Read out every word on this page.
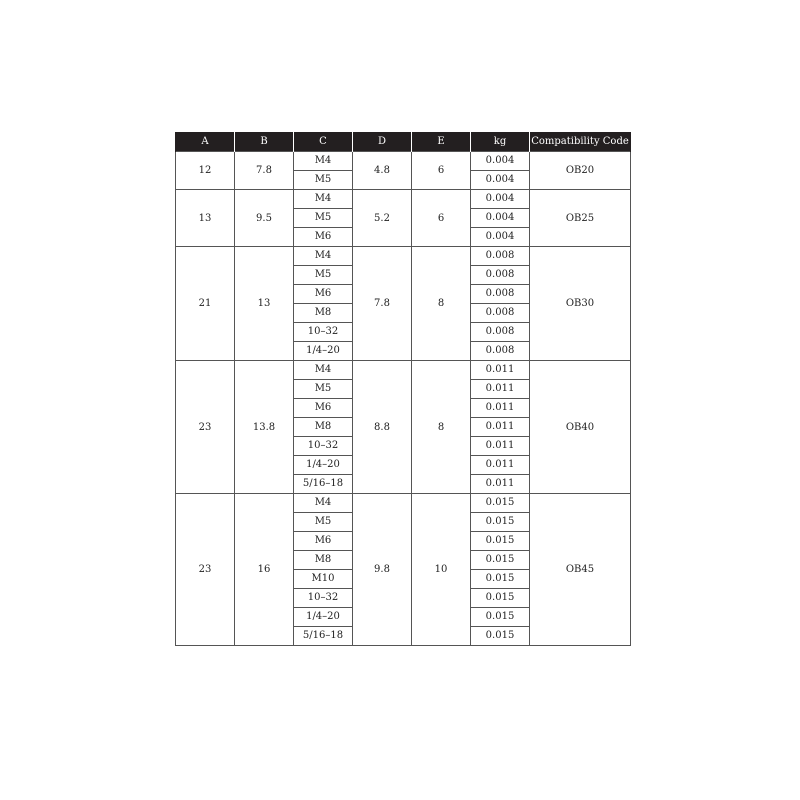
A	B	C	D	E	kg	Compatibility Code
12	7.8	M4	4.8	6	0.004	OB20
		M5			0.004	
13	9.5	M4	5.2	6	0.004	OB25
		M5			0.004	
		M6			0.004	
21	13	M4	7.8	8	0.008	OB30
		M5			0.008	
		M6			0.008	
		M8			0.008	
		10–32			0.008	
		1/4–20			0.008	
23	13.8	M4	8.8	8	0.011	OB40
		M5			0.011	
		M6			0.011	
		M8			0.011	
		10–32			0.011	
		1/4–20			0.011	
		5/16–18			0.011	
23	16	M4	9.8	10	0.015	OB45
		M5			0.015	
		M6			0.015	
		M8			0.015	
		M10			0.015	
		10–32			0.015	
		1/4–20			0.015	
		5/16–18			0.015	
